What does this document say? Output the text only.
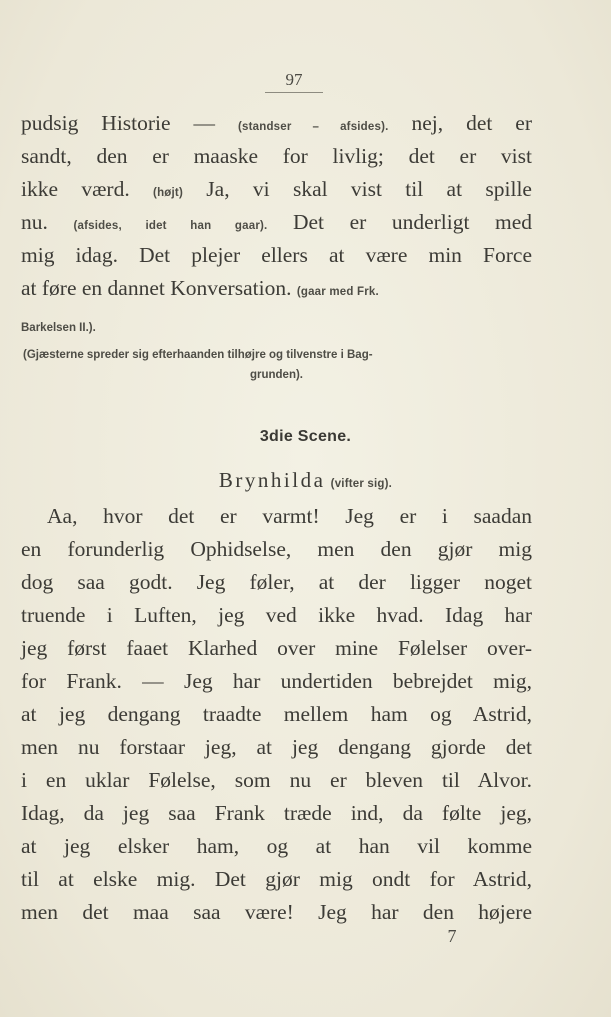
97
pudsig Historie — (standser – afsides). nej, det er
sandt, den er maaske for livlig; det er vist
ikke værd. (højt) Ja, vi skal vist til at spille
nu. (afsides, idet han gaar). Det er underligt med
mig idag. Det plejer ellers at være min Force
at føre en dannet Konversation. (gaar med Frk.
Barkelsen II.).
(Gjæsterne spreder sig efterhaanden tilhøjre og tilvenstre i Bag-
grunden).
3die Scene.
Brynhilda (vifter sig).
Aa, hvor det er varmt! Jeg er i saadan
en forunderlig Ophidselse, men den gjør mig
dog saa godt. Jeg føler, at der ligger noget
truende i Luften, jeg ved ikke hvad. Idag har
jeg først faaet Klarhed over mine Følelser over-
for Frank. — Jeg har undertiden bebrejdet mig,
at jeg dengang traadte mellem ham og Astrid,
men nu forstaar jeg, at jeg dengang gjorde det
i en uklar Følelse, som nu er bleven til Alvor.
Idag, da jeg saa Frank træde ind, da følte jeg,
at jeg elsker ham, og at han vil komme
til at elske mig. Det gjør mig ondt for Astrid,
men det maa saa være! Jeg har den højere
7
